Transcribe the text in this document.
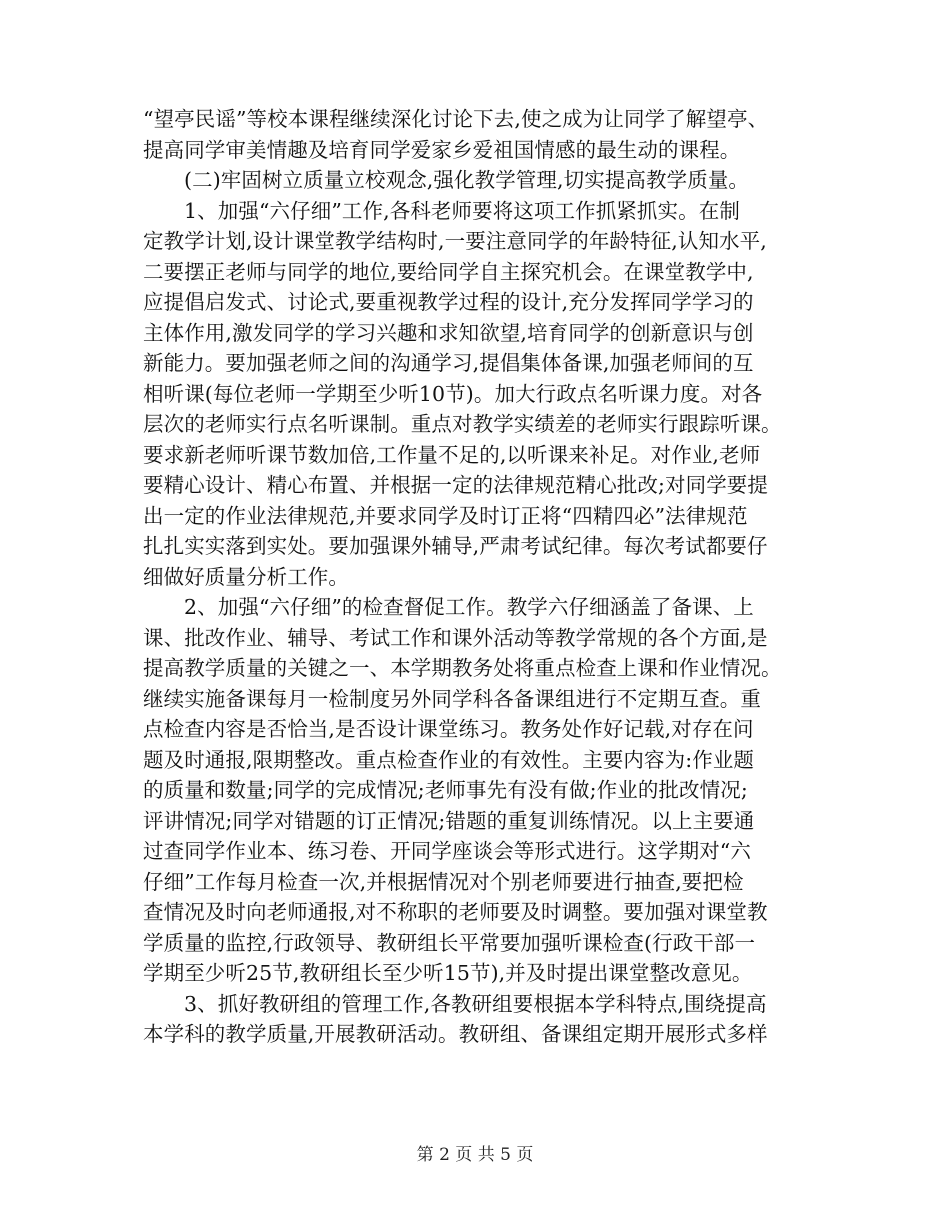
“望亭民谣”等校本课程继续深化讨论下去,使之成为让同学了解望亭、
提高同学审美情趣及培育同学爱家乡爱祖国情感的最生动的课程。
(二)牢固树立质量立校观念,强化教学管理,切实提高教学质量。
1、加强“六仔细”工作,各科老师要将这项工作抓紧抓实。在制
定教学计划,设计课堂教学结构时,一要注意同学的年龄特征,认知水平,
二要摆正老师与同学的地位,要给同学自主探究机会。在课堂教学中,
应提倡启发式、讨论式,要重视教学过程的设计,充分发挥同学学习的
主体作用,激发同学的学习兴趣和求知欲望,培育同学的创新意识与创
新能力。要加强老师之间的沟通学习,提倡集体备课,加强老师间的互
相听课(每位老师一学期至少听10节)。加大行政点名听课力度。对各
层次的老师实行点名听课制。重点对教学实绩差的老师实行跟踪听课。
要求新老师听课节数加倍,工作量不足的,以听课来补足。对作业,老师
要精心设计、精心布置、并根据一定的法律规范精心批改;对同学要提
出一定的作业法律规范,并要求同学及时订正将“四精四必”法律规范
扎扎实实落到实处。要加强课外辅导,严肃考试纪律。每次考试都要仔
细做好质量分析工作。
2、加强“六仔细”的检查督促工作。教学六仔细涵盖了备课、上
课、批改作业、辅导、考试工作和课外活动等教学常规的各个方面,是
提高教学质量的关键之一、本学期教务处将重点检查上课和作业情况。
继续实施备课每月一检制度另外同学科各备课组进行不定期互查。重
点检查内容是否恰当,是否设计课堂练习。教务处作好记载,对存在问
题及时通报,限期整改。重点检查作业的有效性。主要内容为:作业题
的质量和数量;同学的完成情况;老师事先有没有做;作业的批改情况;
评讲情况;同学对错题的订正情况;错题的重复训练情况。以上主要通
过查同学作业本、练习卷、开同学座谈会等形式进行。这学期对“六
仔细”工作每月检查一次,并根据情况对个别老师要进行抽查,要把检
查情况及时向老师通报,对不称职的老师要及时调整。要加强对课堂教
学质量的监控,行政领导、教研组长平常要加强听课检查(行政干部一
学期至少听25节,教研组长至少听15节),并及时提出课堂整改意见。
3、抓好教研组的管理工作,各教研组要根据本学科特点,围绕提高
本学科的教学质量,开展教研活动。教研组、备课组定期开展形式多样
第 2 页 共 5 页
